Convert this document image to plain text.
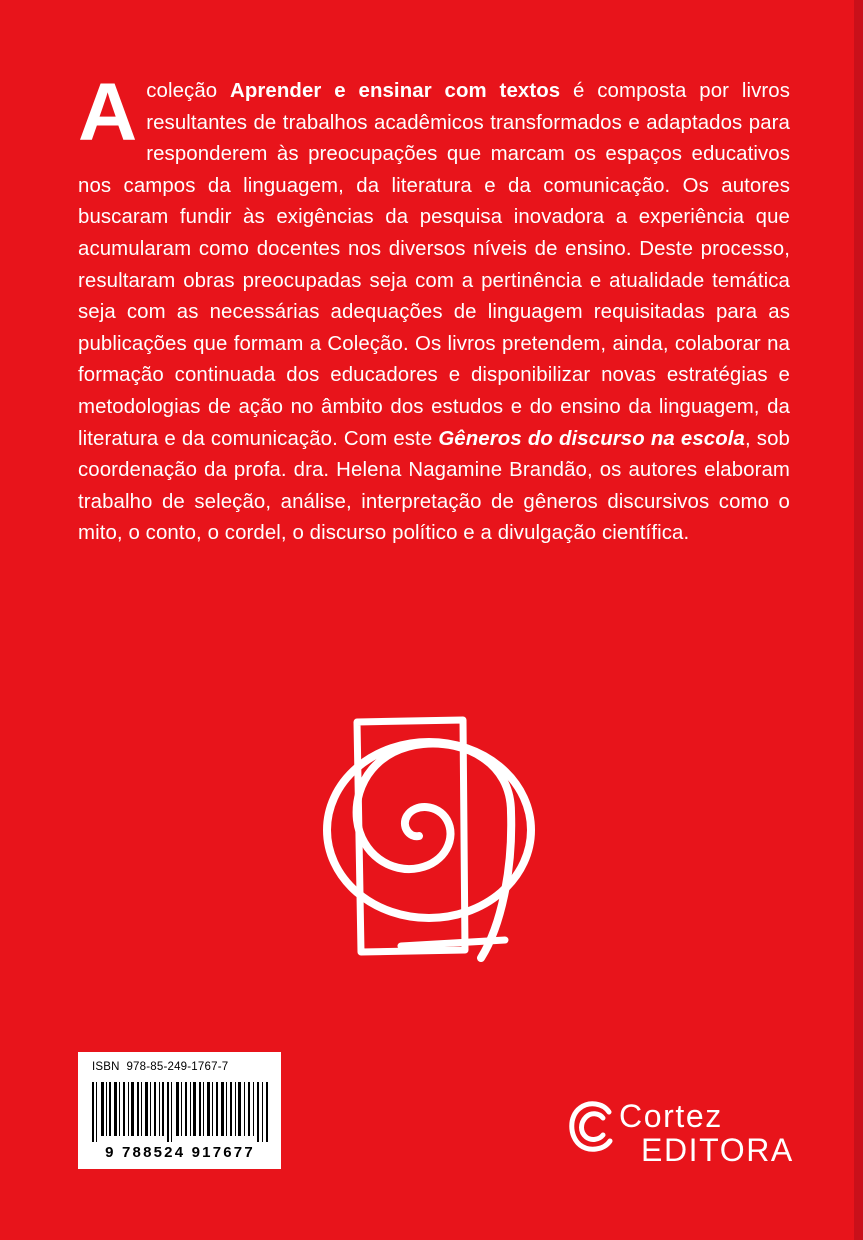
A coleção Aprender e ensinar com textos é composta por livros resultantes de trabalhos acadêmicos transformados e adaptados para responderem às preocupações que marcam os espaços educativos nos campos da linguagem, da literatura e da comunicação. Os autores buscaram fundir às exigências da pesquisa inovadora a experiência que acumularam como docentes nos diversos níveis de ensino. Deste processo, resultaram obras preocupadas seja com a pertinência e atualidade temática seja com as necessárias adequações de linguagem requisitadas para as publicações que formam a Coleção. Os livros pretendem, ainda, colaborar na formação continuada dos educadores e disponibilizar novas estratégias e metodologias de ação no âmbito dos estudos e do ensino da linguagem, da literatura e da comunicação. Com este Gêneros do discurso na escola, sob coordenação da profa. dra. Helena Nagamine Brandão, os autores elaboram trabalho de seleção, análise, interpretação de gêneros discursivos como o mito, o conto, o cordel, o discurso político e a divulgação científica.

ISBN 978-85-249-1767-7
9 788524 917677
Cortez
EDITORA
